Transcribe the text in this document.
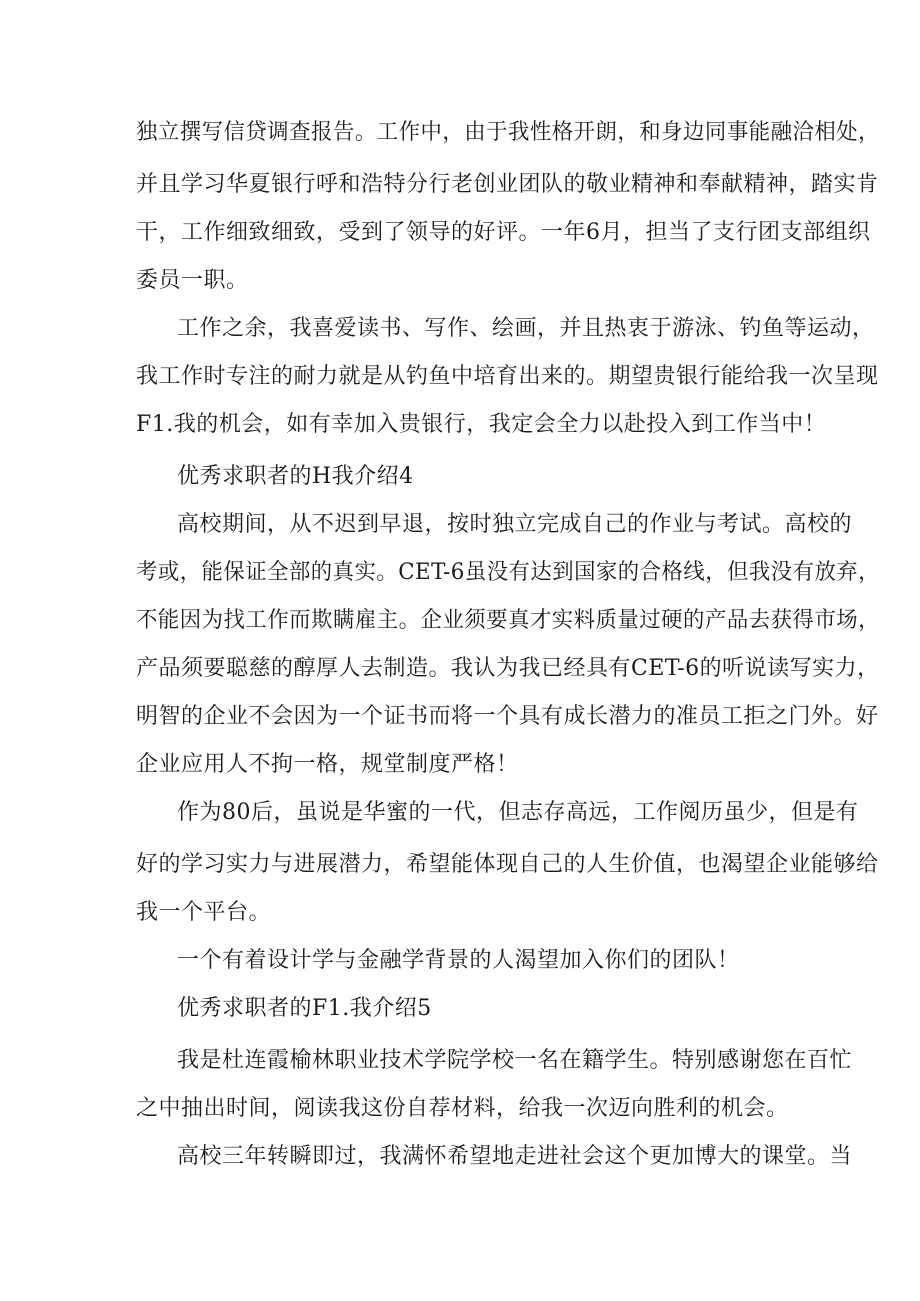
独立撰写信贷调查报告。工作中，由于我性格开朗，和身边同事能融洽相处，
并且学习华夏银行呼和浩特分行老创业团队的敬业精神和奉献精神，踏实肯
干，工作细致细致，受到了领导的好评。一年6月，担当了支行团支部组织
委员一职。
工作之余，我喜爱读书、写作、绘画，并且热衷于游泳、钓鱼等运动，
我工作时专注的耐力就是从钓鱼中培育出来的。期望贵银行能给我一次呈现
F1.我的机会，如有幸加入贵银行，我定会全力以赴投入到工作当中！
优秀求职者的H我介绍4
高校期间，从不迟到早退，按时独立完成自己的作业与考试。高校的
考或，能保证全部的真实。CET-6虽没有达到国家的合格线，但我没有放弃，
不能因为找工作而欺瞒雇主。企业须要真才实料质量过硬的产品去获得市场，
产品须要聪慈的醇厚人去制造。我认为我已经具有CET-6的听说读写实力，
明智的企业不会因为一个证书而将一个具有成长潜力的准员工拒之门外。好
企业应用人不拘一格，规堂制度严格！
作为80后，虽说是华蜜的一代，但志存高远，工作阅历虽少，但是有
好的学习实力与进展潜力，希望能体现自己的人生价值，也渴望企业能够给
我一个平台。
一个有着设计学与金融学背景的人渴望加入你们的团队！
优秀求职者的F1.我介绍5
我是杜连霞榆林职业技术学院学校一名在籍学生。特别感谢您在百忙
之中抽出时间，阅读我这份自荐材料，给我一次迈向胜利的机会。
高校三年转瞬即过，我满怀希望地走进社会这个更加博大的课堂。当
